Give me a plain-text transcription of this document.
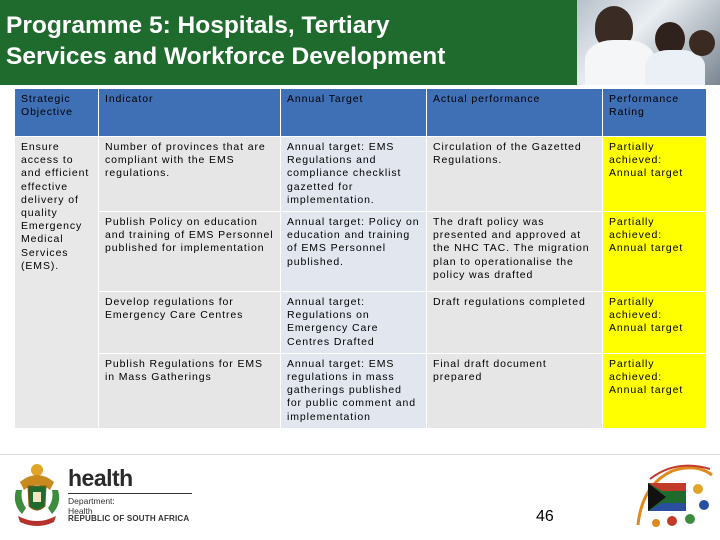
Programme 5: Hospitals, Tertiary
Services and Workforce Development
Strategic Objective	Indicator	Annual Target	Actual performance	Performance Rating
Ensure access to and efficient effective delivery of quality Emergency Medical Services (EMS).	Number of provinces that are compliant with the EMS regulations.	Annual target: EMS Regulations and compliance checklist gazetted for implementation.	Circulation of the Gazetted Regulations.	Partially achieved: Annual target
	Publish Policy on education and training of EMS Personnel published for implementation	Annual target: Policy on education and training of EMS Personnel published.	The draft policy was presented and approved at the NHC TAC. The migration plan to operationalise the policy was drafted	Partially achieved: Annual target
	Develop regulations for Emergency Care Centres	Annual target: Regulations on Emergency Care Centres Drafted	Draft regulations completed	Partially achieved: Annual target
	Publish Regulations for EMS in Mass Gatherings	Annual target: EMS regulations in mass gatherings published for public comment and implementation	Final draft document prepared	Partially achieved: Annual target
health
Department:
Health
REPUBLIC OF SOUTH AFRICA	46
